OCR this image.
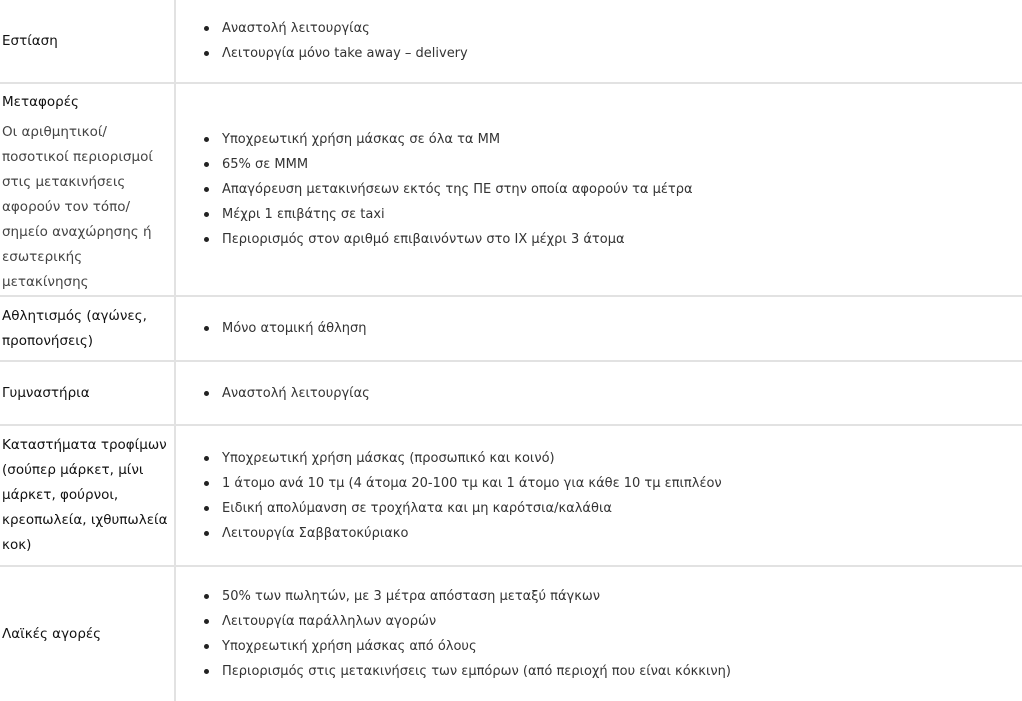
Εστίαση

Αναστολή λειτουργίας
Λειτουργία μόνο take away – delivery

Μεταφορές

Οι αριθμητικοί/ποσοτικοί περιορισμοί στις μετακινήσεις αφορούν τον τόπο/σημείο αναχώρησης ή εσωτερικής μετακίνησης

Υποχρεωτική χρήση μάσκας σε όλα τα ΜΜ
65% σε ΜΜΜ
Απαγόρευση μετακινήσεων εκτός της ΠΕ στην οποία αφορούν τα μέτρα
Μέχρι 1 επιβάτης σε taxi
Περιορισμός στον αριθμό επιβαινόντων στο ΙΧ μέχρι 3 άτομα

Αθλητισμός (αγώνες, προπονήσεις)

Μόνο ατομική άθληση

Γυμναστήρια	Αναστολή λειτουργίας

Καταστήματα τροφίμων (σούπερ μάρκετ, μίνι μάρκετ, φούρνοι, κρεοπωλεία, ιχθυπωλεία κοκ)

Υποχρεωτική χρήση μάσκας (προσωπικό και κοινό)
1 άτομο ανά 10 τμ (4 άτομα 20-100 τμ και 1 άτομο για κάθε 10 τμ επιπλέον
Ειδική απολύμανση σε τροχήλατα και μη καρότσια/καλάθια
Λειτουργία Σαββατοκύριακο

Λαϊκές αγορές

50% των πωλητών, με 3 μέτρα απόσταση μεταξύ πάγκων
Λειτουργία παράλληλων αγορών
Υποχρεωτική χρήση μάσκας από όλους
Περιορισμός στις μετακινήσεις των εμπόρων (από περιοχή που είναι κόκκινη)
